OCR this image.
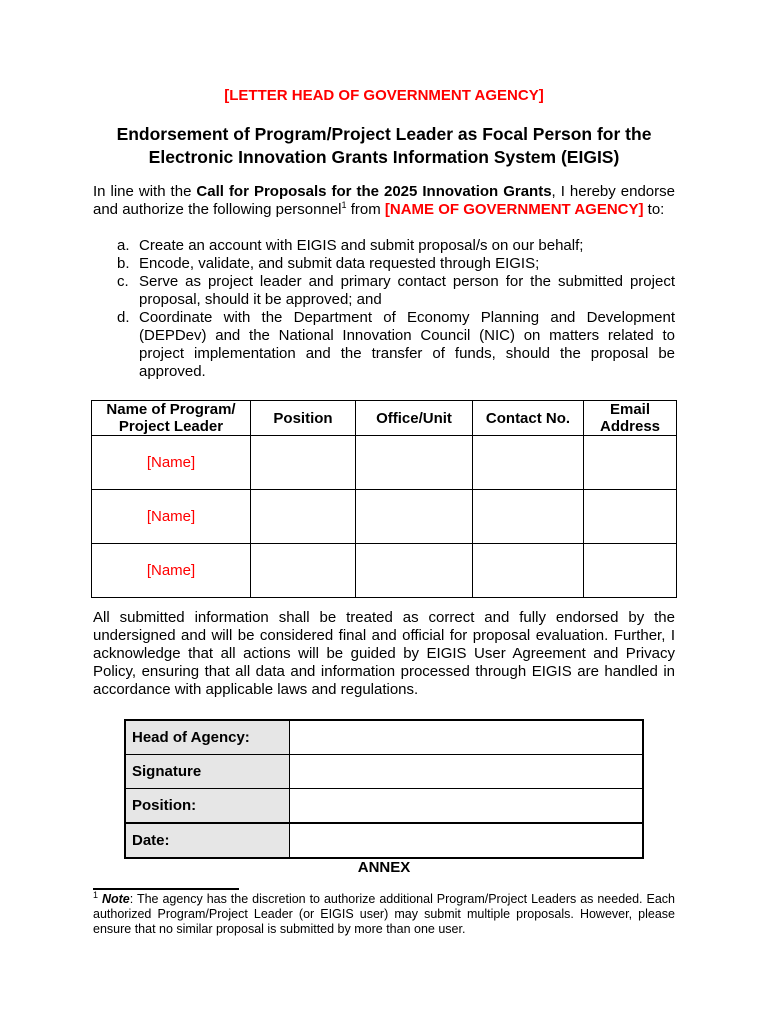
[LETTER HEAD OF GOVERNMENT AGENCY]
Endorsement of Program/Project Leader as Focal Person for the Electronic Innovation Grants Information System (EIGIS)
In line with the Call for Proposals for the 2025 Innovation Grants, I hereby endorse and authorize the following personnel$^1$ from [NAME OF GOVERNMENT AGENCY] to:
a. Create an account with EIGIS and submit proposal/s on our behalf;
b. Encode, validate, and submit data requested through EIGIS;
c. Serve as project leader and primary contact person for the submitted project proposal, should it be approved; and
d. Coordinate with the Department of Economy Planning and Development (DEPDev) and the National Innovation Council (NIC) on matters related to project implementation and the transfer of funds, should the proposal be approved.
Name of Program/ Project Leader	Position	Office/Unit	Contact No.	Email Address
[Name]				
[Name]				
[Name]				
All submitted information shall be treated as correct and fully endorsed by the undersigned and will be considered final and official for proposal evaluation. Further, I acknowledge that all actions will be guided by EIGIS User Agreement and Privacy Policy, ensuring that all data and information processed through EIGIS are handled in accordance with applicable laws and regulations.
Head of Agency:	
Signature	
Position:	
Date:	
ANNEX
$^1$ Note: The agency has the discretion to authorize additional Program/Project Leaders as needed. Each authorized Program/Project Leader (or EIGIS user) may submit multiple proposals. However, please ensure that no similar proposal is submitted by more than one user.
